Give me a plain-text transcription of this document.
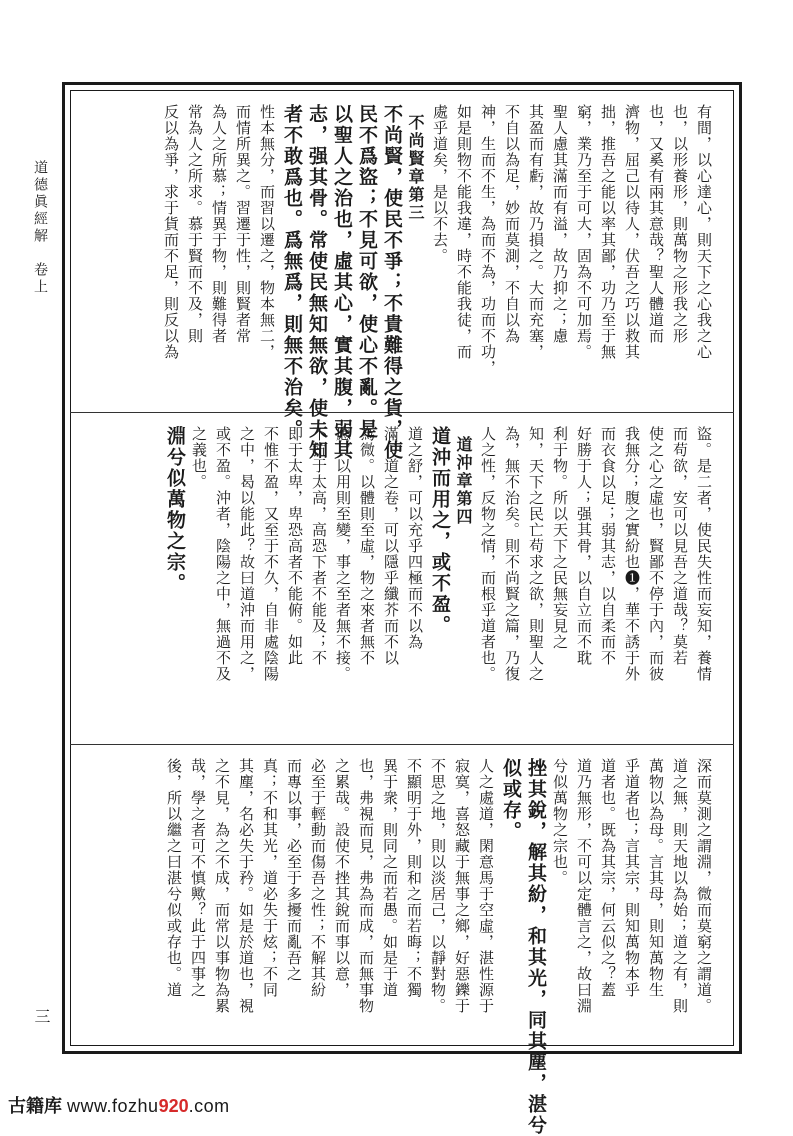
道德眞經解　卷上
三
有間，以心達心，則天下之心我之心
也，以形養形，則萬物之形我之形
也，又奚有兩其意哉？聖人體道而
濟物，屈己以待人，伏吾之巧以救其
拙，推吾之能以率其鄙，功乃至于無
窮，業乃至于可大，固為不可加焉。
聖人慮其滿而有溢，故乃抑之；慮
其盈而有虧，故乃損之。大而充塞，
不自以為足，妙而莫測，不自以為
神，生而不生，為而不為，功而不功，
如是則物不能我違，時不能我徒，而
處乎道矣，是以不去。
不尚賢章第三
不尚賢，使民不爭；不貴難得之貨，使
民不爲盜；不見可欲，使心不亂。是
以聖人之治也，虛其心，實其腹，弱其
志，强其骨。常使民無知無欲，使夫知
者不敢爲也。爲無爲，則無不治矣。
性本無分，而習以遷之，物本無二，
而情所異之。習遷于性，則賢者常
為人之所慕；情異于物，則難得者
常為人之所求。慕于賢而不及，則
反以為爭，求于貨而不足，則反以為
盜。是二者，使民失性而妄知，養情
而苟欲，安可以見吾之道哉？莫若
使之心之虛也，賢鄙不停于內，而彼
我無分；腹之實紛也❶，華不誘于外
而衣食以足；弱其志，以自柔而不
好勝于人；强其骨，以自立而不耽
利于物。所以天下之民無妄見之
知，天下之民亡苟求之欲，則聖人之
為，無不治矣。則不尚賢之篇，乃復
人之性，反物之情，而根乎道者也。
道沖章第四
道沖而用之，或不盈。
道之舒，可以充乎四極而不以為
滿；道之卷，可以隱乎纖芥而不以
為微。以體則至虛，物之來者無不
應，以用則至變，事之至者無不接。
不抗于太高，高恐下者不能及；不
即于太卑，卑恐高者不能俯。如此
不惟不盈，又至于不久，自非處陰陽
之中，曷以能此？故曰道沖而用之，
或不盈。沖者，陰陽之中，無過不及
之義也。
淵兮似萬物之宗。
深而莫測之謂淵，微而莫窮之謂道。
道之無，則天地以為始；道之有，則
萬物以為母。言其母，則知萬物生
乎道者也；言其宗，則知萬物本乎
道者也。既為其宗，何云似之？蓋
道乃無形，不可以定體言之，故曰淵
兮似萬物之宗也。
挫其銳，解其紛，和其光，同其塵，湛兮
似或存。
人之處道，閑意馬于空虛，湛性源于
寂寞，喜怒藏于無事之鄉，好惡鑠于
不思之地，則以淡居己，以靜對物。
不顯明于外，則和之而若晦；不獨
異于衆，則同之而若愚。如是于道
也，弗視而見，弗為而成，而無事物
之累哉。設使不挫其銳而事以意，
必至于輕動而傷吾之性；不解其紛
而專以事，必至于多擾而亂吾之
真；不和其光，道必失于炫；不同
其塵，名必失于矜。如是於道也，視
之不見，為之不成，而常以事物為累
哉，學之者可不慎歟？此于四事之
後，所以繼之曰湛兮似或存也。道
古籍库 www.fozhu920.com
